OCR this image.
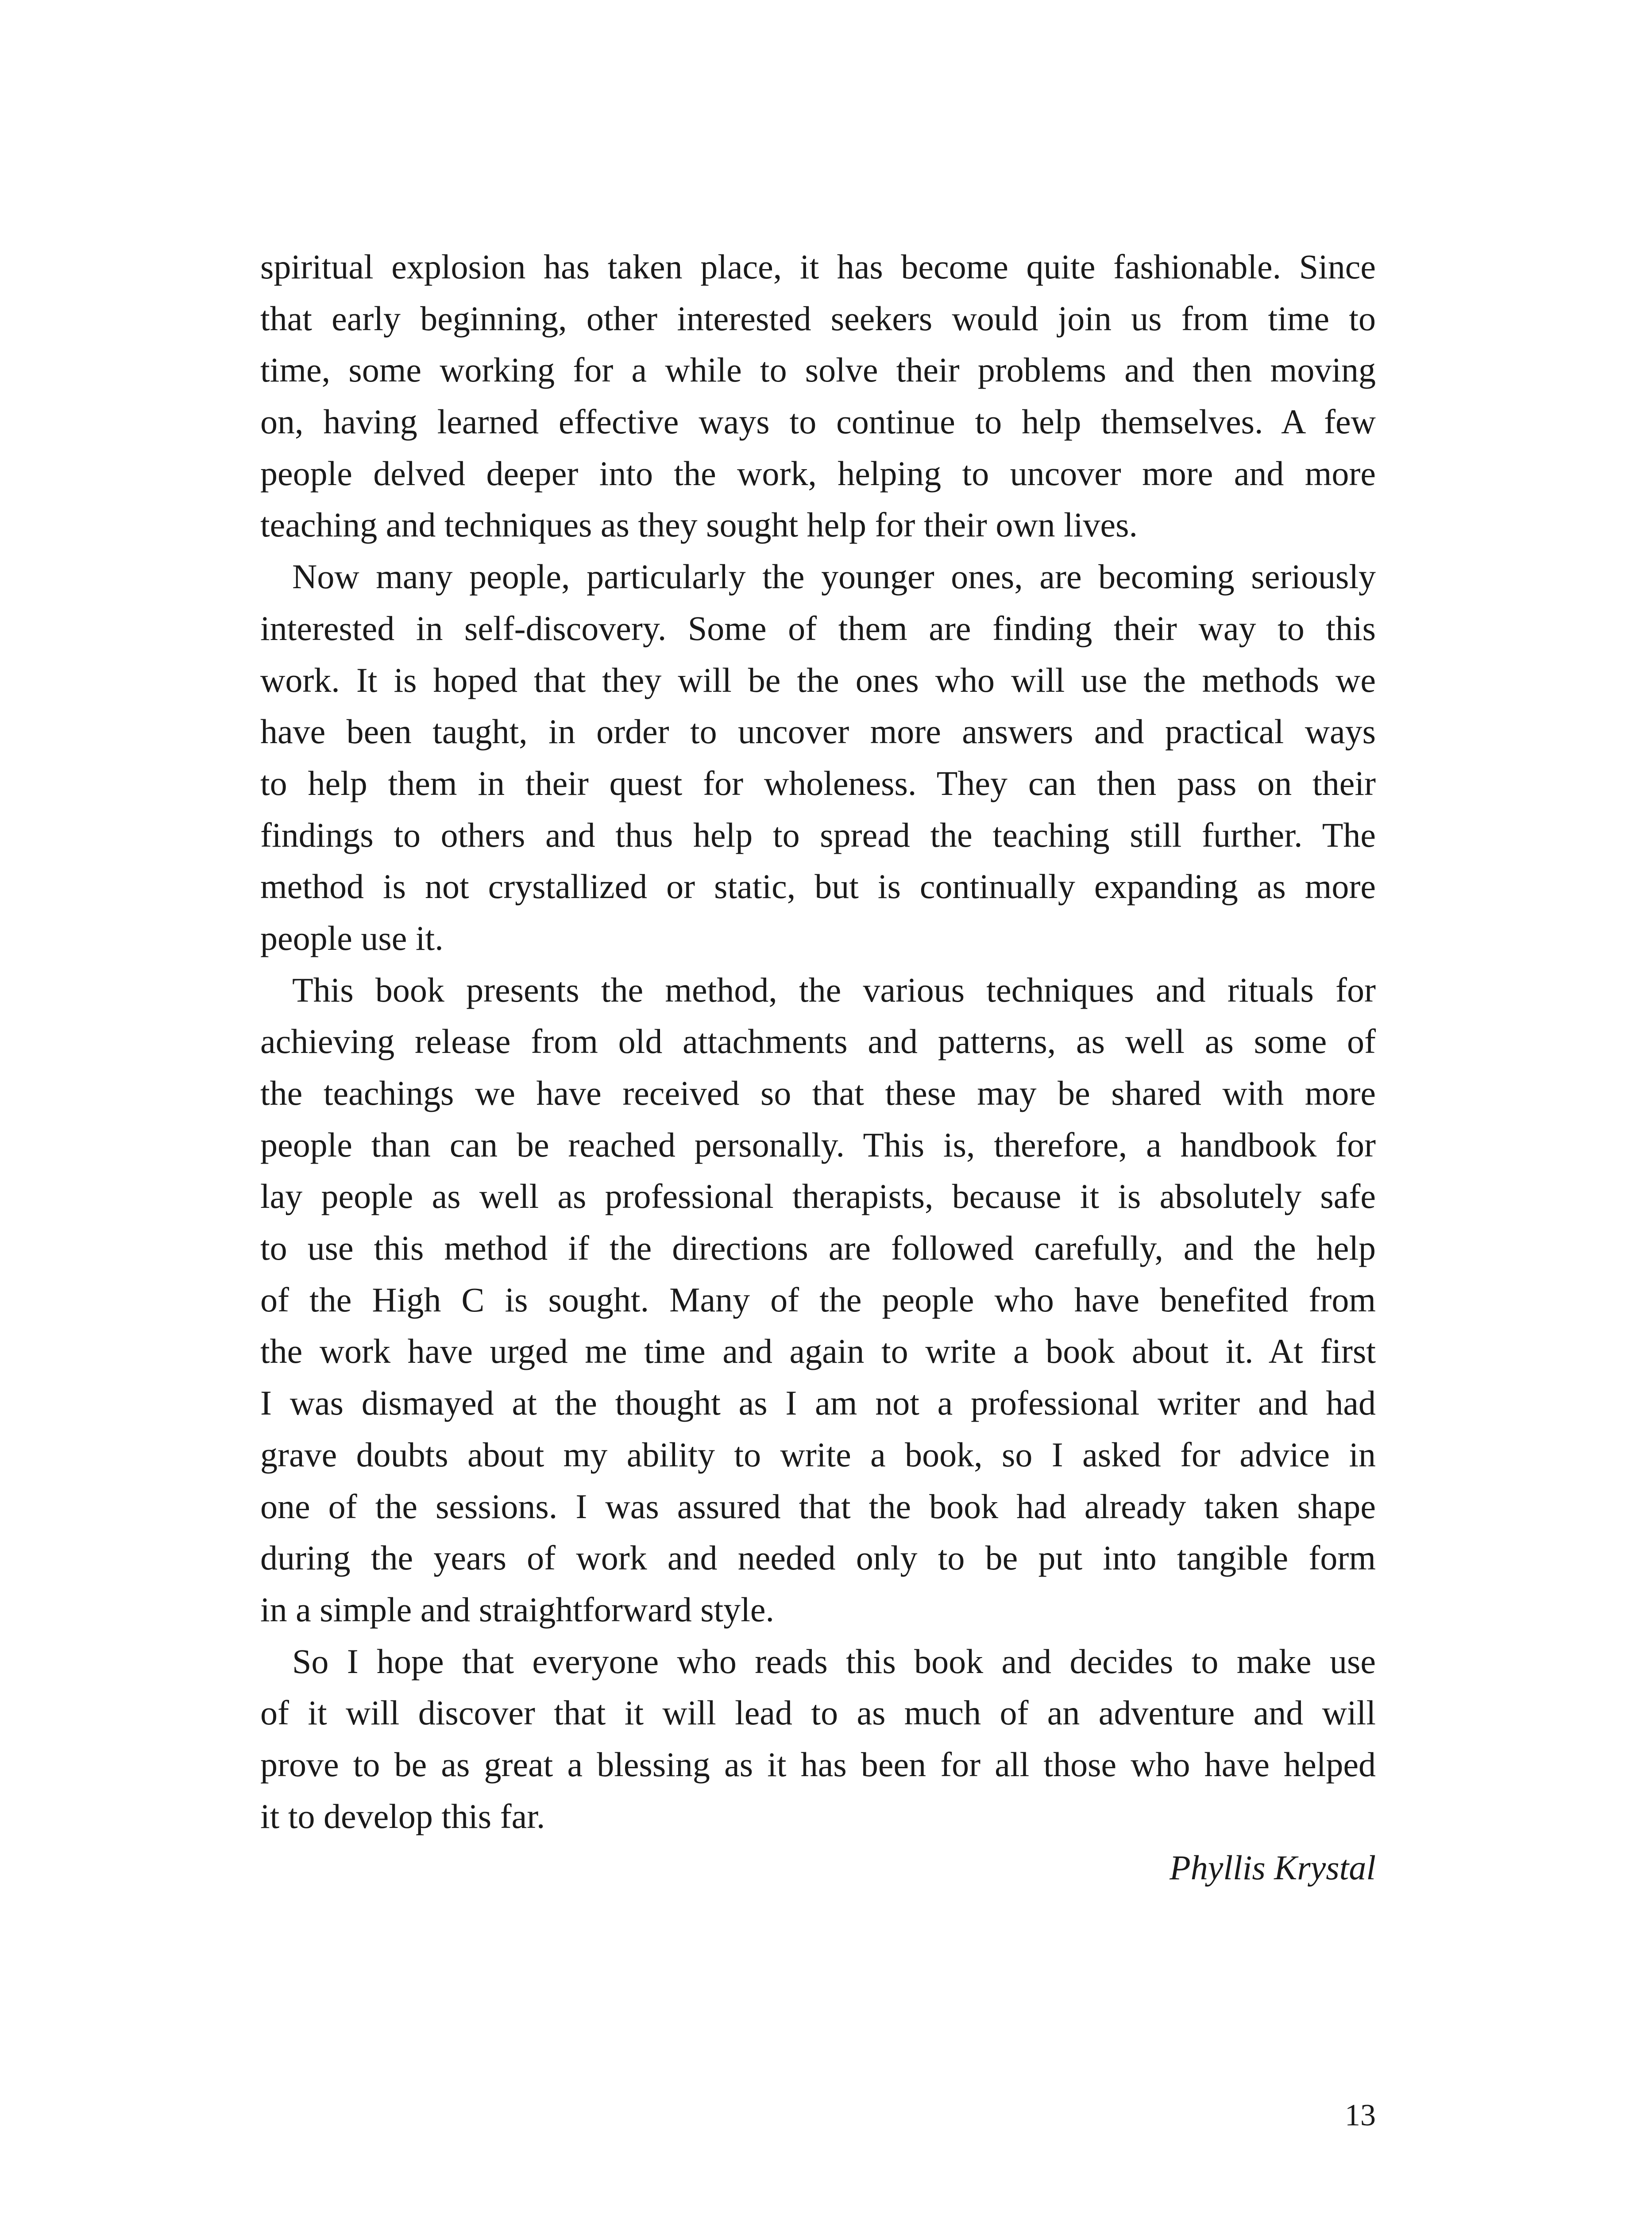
spiritual explosion has taken place, it has become quite fashionable. Since
that early beginning, other interested seekers would join us from time to
time, some working for a while to solve their problems and then moving
on, having learned effective ways to continue to help themselves. A few
people delved deeper into the work, helping to uncover more and more
teaching and techniques as they sought help for their own lives.
Now many people, particularly the younger ones, are becoming seriously
interested in self-discovery. Some of them are finding their way to this
work. It is hoped that they will be the ones who will use the methods we
have been taught, in order to uncover more answers and practical ways
to help them in their quest for wholeness. They can then pass on their
findings to others and thus help to spread the teaching still further. The
method is not crystallized or static, but is continually expanding as more
people use it.
This book presents the method, the various techniques and rituals for
achieving release from old attachments and patterns, as well as some of
the teachings we have received so that these may be shared with more
people than can be reached personally. This is, therefore, a handbook for
lay people as well as professional therapists, because it is absolutely safe
to use this method if the directions are followed carefully, and the help
of the High C is sought. Many of the people who have benefited from
the work have urged me time and again to write a book about it. At first
I was dismayed at the thought as I am not a professional writer and had
grave doubts about my ability to write a book, so I asked for advice in
one of the sessions. I was assured that the book had already taken shape
during the years of work and needed only to be put into tangible form
in a simple and straightforward style.
So I hope that everyone who reads this book and decides to make use
of it will discover that it will lead to as much of an adventure and will
prove to be as great a blessing as it has been for all those who have helped
it to develop this far.
Phyllis Krystal
13
